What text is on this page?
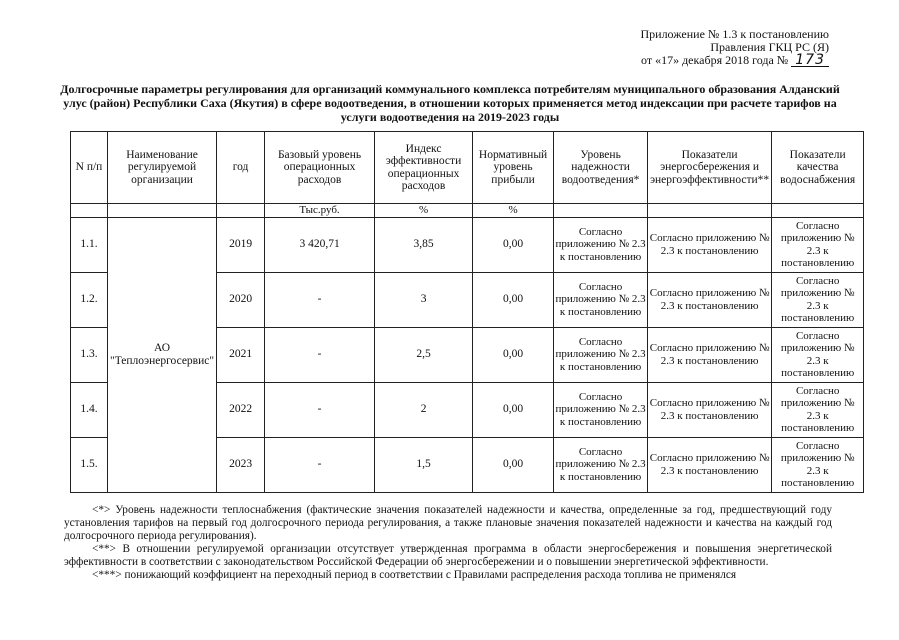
Приложение № 1.3 к постановлению
Правления ГКЦ РС (Я)
от «17» декабря 2018 года № 173
Долгосрочные параметры регулирования для организаций коммунального комплекса потребителям муниципального образования Алданский улус (район) Республики Саха (Якутия) в сфере водоотведения, в отношении которых применяется метод индексации при расчете тарифов на услуги водоотведения на 2019-2023 годы
N п/п	Наименование регулируемой организации	год	Базовый уровень операционных расходов	Индекс эффективности операционных расходов	Нормативный уровень прибыли	Уровень надежности водоотведения*	Показатели энергосбережения и энергоэффективности**	Показатели качества водоснабжения
			Тыс.руб.	%	%			
1.1.	АО "Теплоэнергосервис"	2019	3 420,71	3,85	0,00	Согласно приложению № 2.3 к постановлению	Согласно приложению № 2.3 к постановлению	Согласно приложению № 2.3 к постановлению
1.2.		2020	-	3	0,00	Согласно приложению № 2.3 к постановлению	Согласно приложению № 2.3 к постановлению	Согласно приложению № 2.3 к постановлению
1.3.		2021	-	2,5	0,00	Согласно приложению № 2.3 к постановлению	Согласно приложению № 2.3 к постановлению	Согласно приложению № 2.3 к постановлению
1.4.		2022	-	2	0,00	Согласно приложению № 2.3 к постановлению	Согласно приложению № 2.3 к постановлению	Согласно приложению № 2.3 к постановлению
1.5.		2023	-	1,5	0,00	Согласно приложению № 2.3 к постановлению	Согласно приложению № 2.3 к постановлению	Согласно приложению № 2.3 к постановлению

<*> Уровень надежности теплоснабжения (фактические значения показателей надежности и качества, определенные за год, предшествующий году установления тарифов на первый год долгосрочного периода регулирования, а также плановые значения показателей надежности и качества на каждый год долгосрочного периода регулирования).

<**> В отношении регулируемой организации отсутствует утвержденная программа в области энергосбережения и повышения энергетической эффективности в соответствии с законодательством Российской Федерации об энергосбережении и о повышении энергетической эффективности.

<***> понижающий коэффициент на переходный период в соответствии с Правилами распределения расхода топлива не применялся
